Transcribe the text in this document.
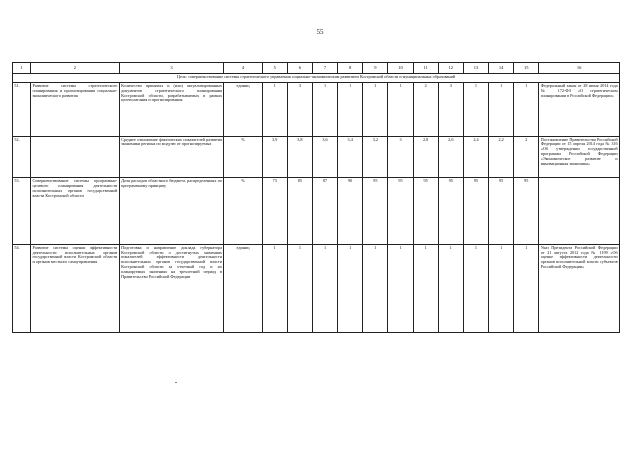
55
1	2	3	4	5	6	7	8	9	10	11	12	13	14	15	16
Цель: совершенствование системы стратегического управления социально-экономическим развитием Костромской области и муниципальных образований															
51.	Развитие системы стратегического планирования и прогнозирования социально-экономического развития	Количество принятых и (или) актуализированных документов стратегического планирования Костромской области, разрабатываемых в рамках целеполагания и прогнозирования	единиц	1	3	1	1	1	1	2	3	1	1	1	Федеральный закон от 28 июня 2014 года № 172-ФЗ «О стратегическом планировании в Российской Федерации»
52.		Среднее отклонение фактических показателей развития экономики региона по модулю от прогнозируемых	%	3,9	3,8	3,6	3,4	3,2	3	2,8	2,6	2,4	2,2	2	Постановление Правительства Российской Федерации от 15 апреля 2014 года № 316 «Об утверждении государственной программы Российской Федерации «Экономическое развитие и инновационная экономика»
53.	Совершенствование системы программно-целевого планирования деятельности исполнительных органов государственной власти Костромской области	Доля расходов областного бюджета, распределенных по программному принципу	%	73	85	87	90	95	95	95	95	95	95	95	
54.	Развитие системы оценки эффективности деятельности исполнительных органов государственной власти Костромской области и органов местного самоуправления	Подготовка и направление доклада губернатора Костромской области о достигнутых значениях показателей эффективности деятельности исполнительных органов государственной власти Костромской области за отчетный год и их планируемых значениях на трехлетний период в Правительство Российской Федерации	единиц	1	1	1	1	1	1	1	1	1	1	1	Указ Президента Российской Федерации от 21 августа 2012 года № 1199 «Об оценке эффективности деятельности органов исполнительной власти субъектов Российской Федерации»
